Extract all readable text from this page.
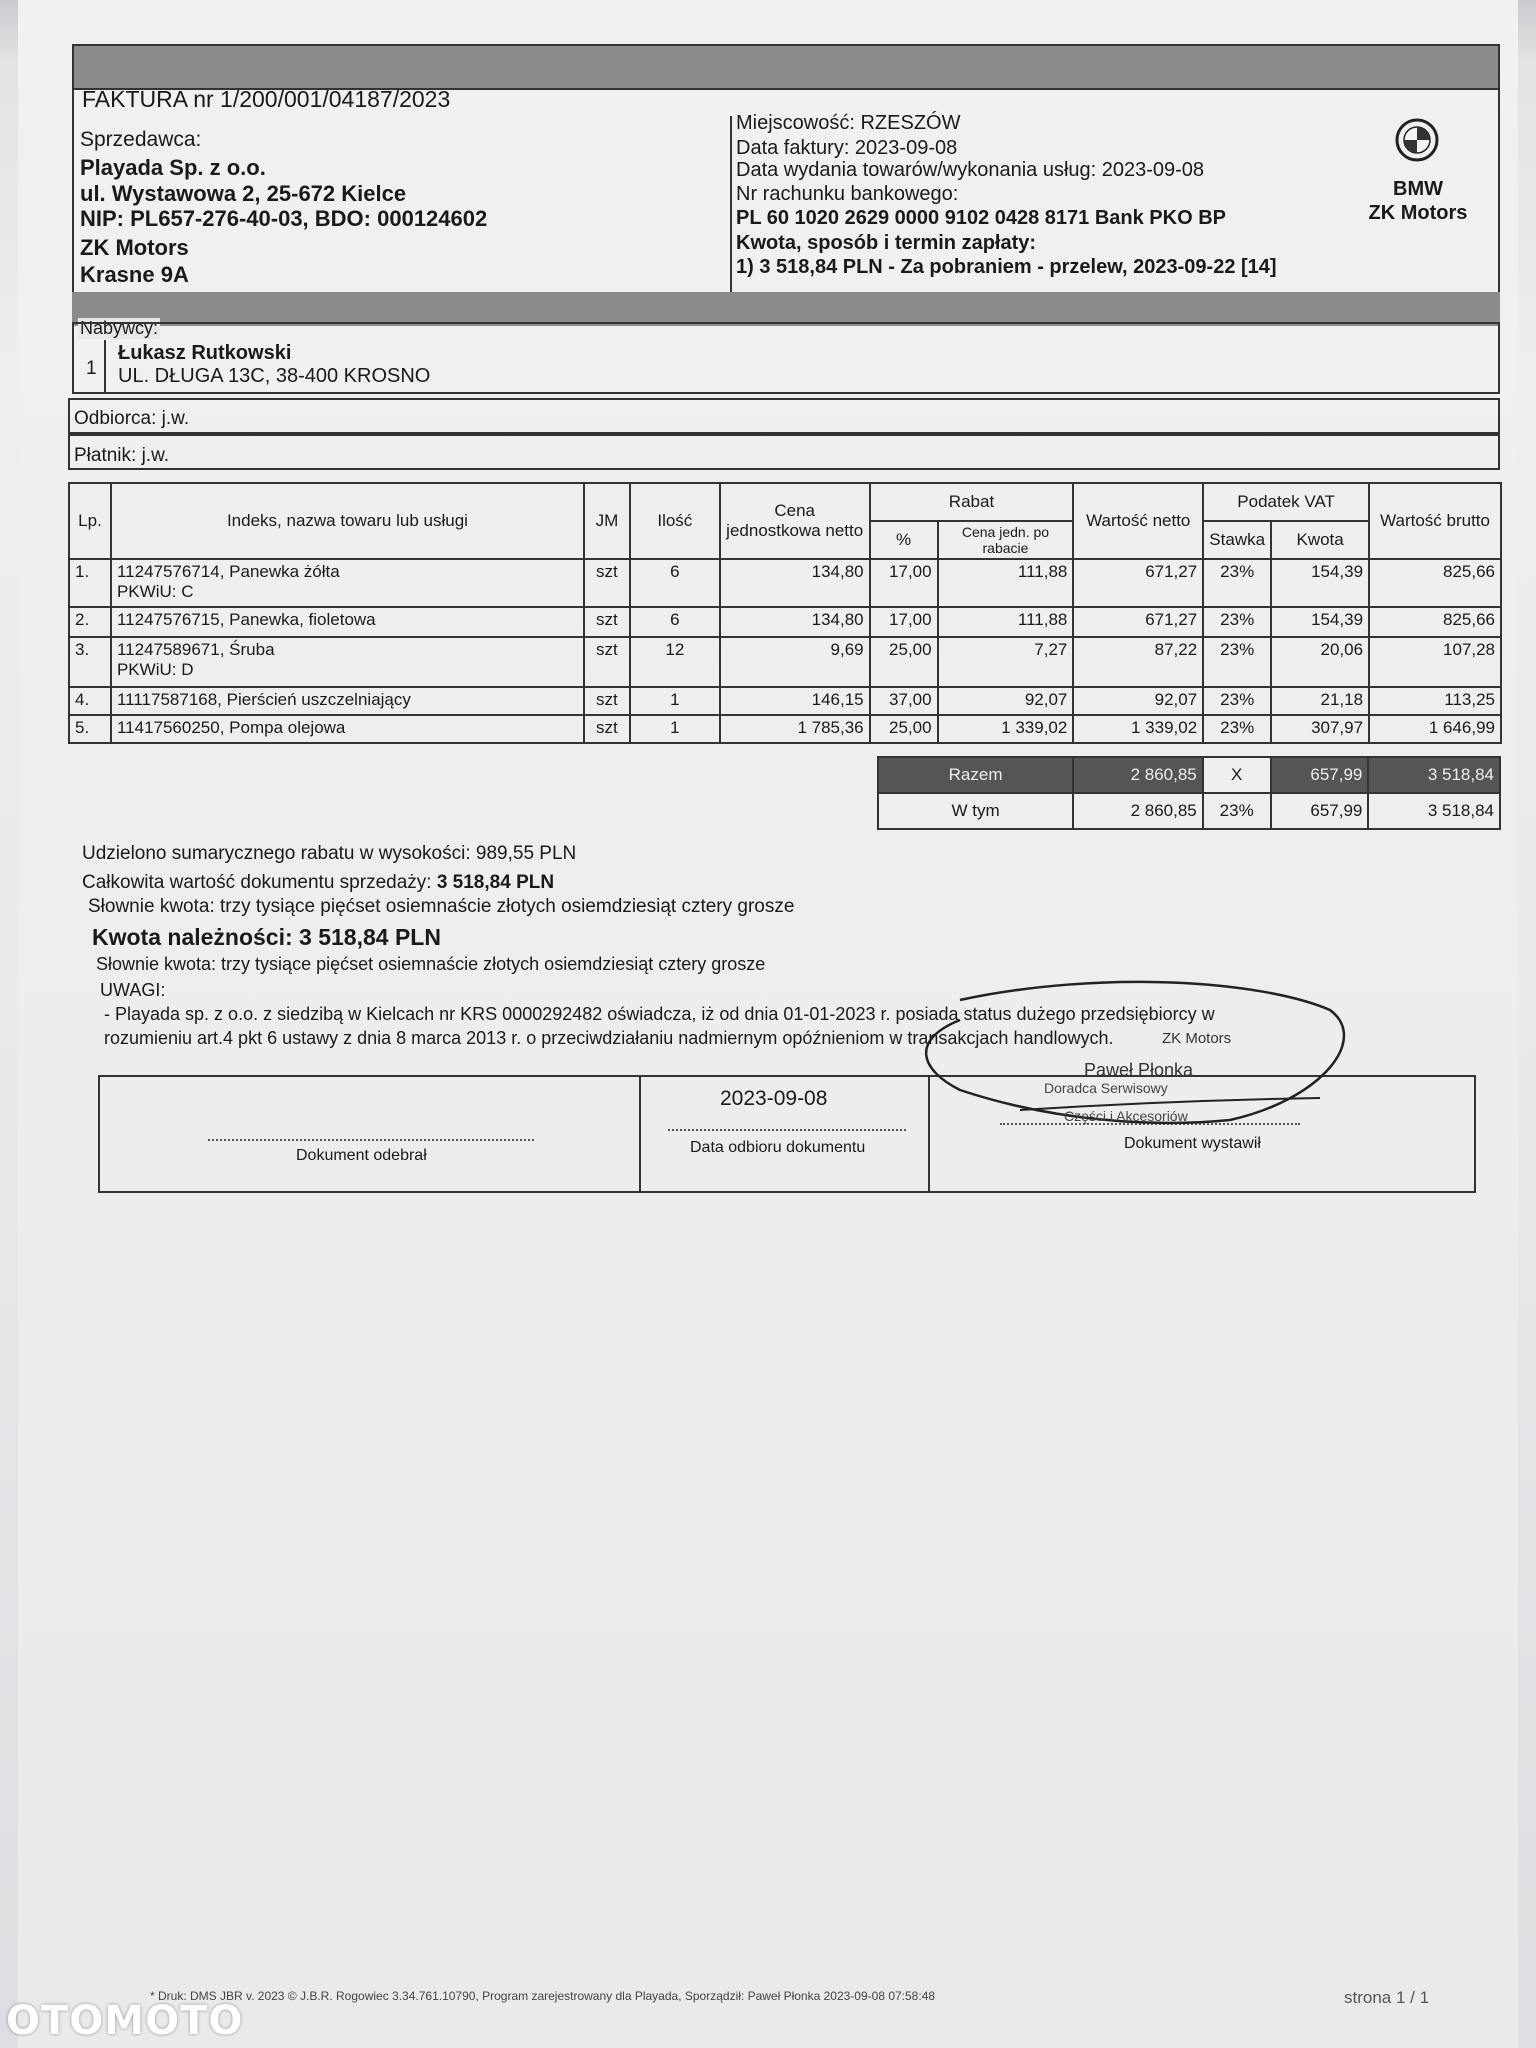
FAKTURA nr 1/200/001/04187/2023
Sprzedawca:
Playada Sp. z o.o.
ul. Wystawowa 2, 25-672 Kielce
NIP: PL657-276-40-03, BDO: 000124602
ZK Motors
Krasne 9A
Miejscowość: RZESZÓW
Data faktury: 2023-09-08
Data wydania towarów/wykonania usług: 2023-09-08
Nr rachunku bankowego:
PL 60 1020 2629 0000 9102 0428 8171 Bank PKO BP
Kwota, sposób i termin zapłaty:
1) 3 518,84 PLN - Za pobraniem - przelew, 2023-09-22 [14]
BMW
ZK Motors
Nabywcy:
1
Łukasz Rutkowski
UL. DŁUGA 13C, 38-400 KROSNO
Odbiorca: j.w.
Płatnik: j.w.
Lp.	Indeks, nazwa towaru lub usługi	JM	Ilość	Cena jednostkowa netto	Rabat		Wartość netto	Podatek VAT		Wartość brutto
					%	Cena jedn. po rabacie		Stawka	Kwota	
1.	11247576714, Panewka żółta
PKWiU: C	szt	6	134,80	17,00	111,88	671,27	23%	154,39	825,66
2.	11247576715, Panewka, fioletowa	szt	6	134,80	17,00	111,88	671,27	23%	154,39	825,66
3.	11247589671, Śruba
PKWiU: D	szt	12	9,69	25,00	7,27	87,22	23%	20,06	107,28
4.	11117587168, Pierścień uszczelniający	szt	1	146,15	37,00	92,07	92,07	23%	21,18	113,25
5.	11417560250, Pompa olejowa	szt	1	1 785,36	25,00	1 339,02	1 339,02	23%	307,97	1 646,99
Razem	2 860,85	X	657,99	3 518,84
W tym	2 860,85	23%	657,99	3 518,84
Udzielono sumarycznego rabatu w wysokości: 989,55 PLN
Całkowita wartość dokumentu sprzedaży: 3 518,84 PLN
Słownie kwota: trzy tysiące pięćset osiemnaście złotych osiemdziesiąt cztery grosze
Kwota należności: 3 518,84 PLN
Słownie kwota: trzy tysiące pięćset osiemnaście złotych osiemdziesiąt cztery grosze
UWAGI:
- Playada sp. z o.o. z siedzibą w Kielcach nr KRS 0000292482 oświadcza, iż od dnia 01-01-2023 r. posiada status dużego przedsiębiorcy w
rozumieniu art.4 pkt 6 ustawy z dnia 8 marca 2013 r. o przeciwdziałaniu nadmiernym opóźnieniom w transakcjach handlowych.
Dokument odebrał
2023-09-08
Data odbioru dokumentu	Dokument wystawił
ZK Motors
Paweł Płonka
Doradca Serwisowy
Części i Akcesoriów
* Druk: DMS JBR v. 2023 © J.B.R. Rogowiec 3.34.761.10790, Program zarejestrowany dla Playada, Sporządził: Paweł Płonka 2023-09-08 07:58:48	strona 1 / 1
OTOMOTO
